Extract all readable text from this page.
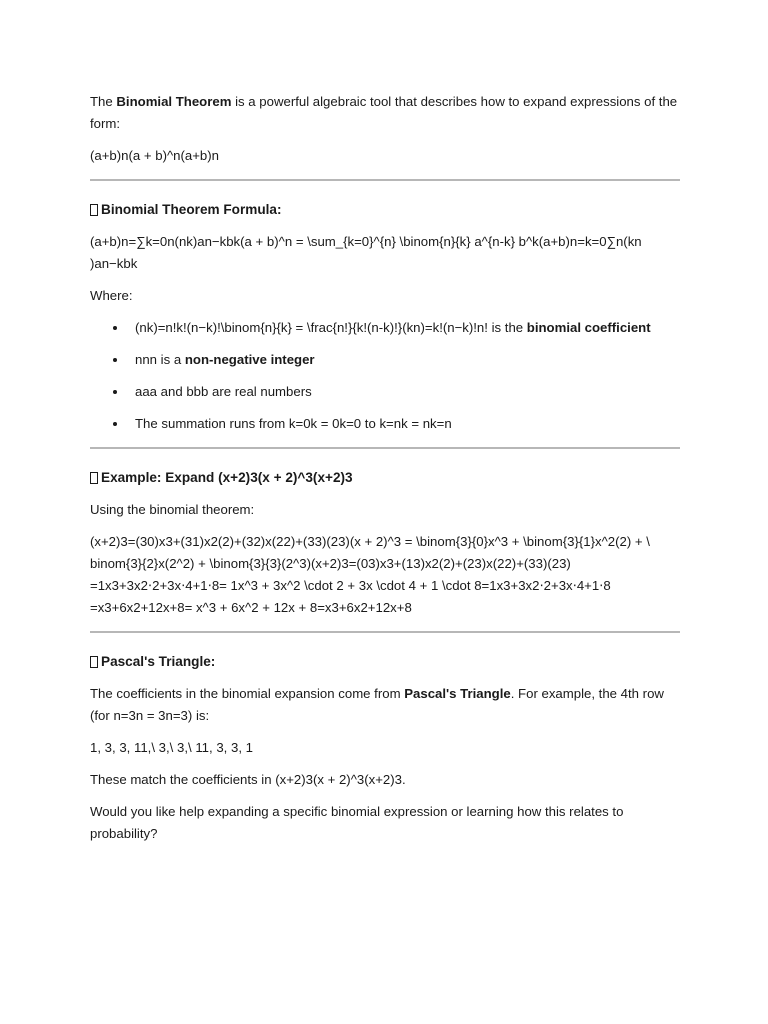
The Binomial Theorem is a powerful algebraic tool that describes how to expand expressions of the form:

(a+b)n(a + b)^n(a+b)n

Binomial Theorem Formula:

(a+b)n=∑k=0n(nk)an−kbk(a + b)^n = \sum_{k=0}^{n} \binom{n}{k} a^{n-k} b^k(a+b)n=k=0∑n(kn )an−kbk

Where:

(nk)=n!k!(n−k)!\binom{n}{k} = \frac{n!}{k!(n-k)!}(kn)=k!(n−k)!n! is the binomial coefficient
nnn is a non-negative integer
aaa and bbb are real numbers
The summation runs from k=0k = 0k=0 to k=nk = nk=n
Example: Expand (x+2)3(x + 2)^3(x+2)3

Using the binomial theorem:

(x+2)3=(30)x3+(31)x2(2)+(32)x(22)+(33)(23)(x + 2)^3 = \binom{3}{0}x^3 + \binom{3}{1}x^2(2) + \
binom{3}{2}x(2^2) + \binom{3}{3}(2^3)(x+2)3=(03)x3+(13)x2(2)+(23)x(22)+(33)(23)
=1x3+3x2⋅2+3x⋅4+1⋅8= 1x^3 + 3x^2 \cdot 2 + 3x \cdot 4 + 1 \cdot 8=1x3+3x2⋅2+3x⋅4+1⋅8
=x3+6x2+12x+8= x^3 + 6x^2 + 12x + 8=x3+6x2+12x+8

Pascal's Triangle:

The coefficients in the binomial expansion come from Pascal's Triangle. For example, the 4th row (for n=3n = 3n=3) is:

1, 3, 3, 11,\ 3,\ 3,\ 11, 3, 3, 1

These match the coefficients in (x+2)3(x + 2)^3(x+2)3.

Would you like help expanding a specific binomial expression or learning how this relates to probability?
